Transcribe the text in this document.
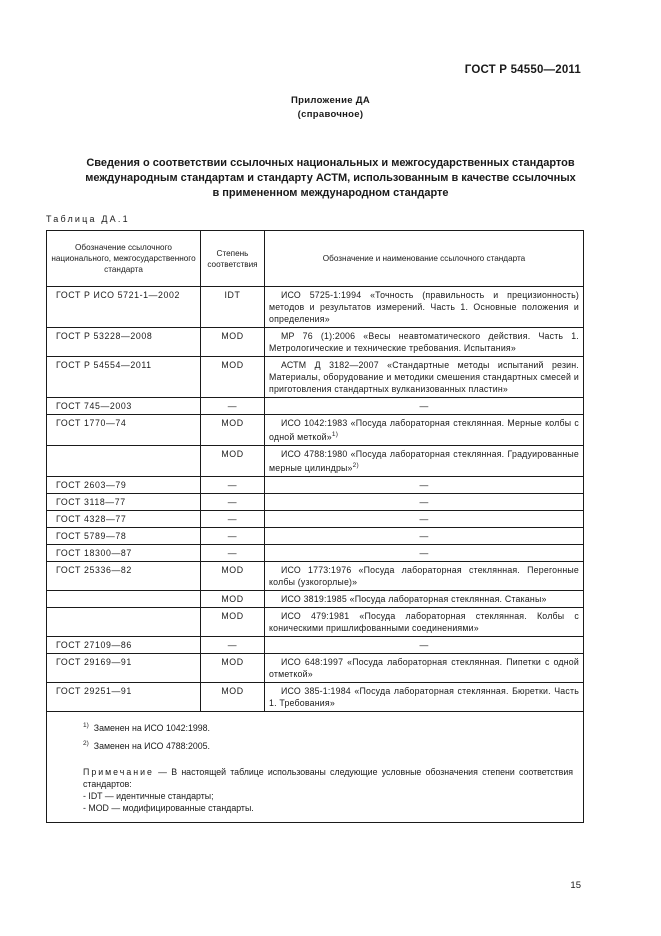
ГОСТ Р 54550—2011
Приложение ДА
(справочное)
Сведения о соответствии ссылочных национальных и межгосударственных стандартов
международным стандартам и стандарту АСТМ, использованным в качестве ссылочных
в примененном международном стандарте
Таблица ДА.1
Обозначение ссылочного национального, межгосударственного стандарта	Степень соответствия	Обозначение и наименование ссылочного стандарта
ГОСТ Р ИСО 5721-1—2002	IDT	ИСО 5725-1:1994 «Точность (правильность и прецизионность) методов и результатов измерений. Часть 1. Основные положения и определения»
ГОСТ Р 53228—2008	MOD	МР 76 (1):2006 «Весы неавтоматического действия. Часть 1. Метрологические и технические требования. Испытания»
ГОСТ Р 54554—2011	MOD	АСТМ Д 3182—2007 «Стандартные методы испытаний резин. Материалы, оборудование и методики смешения стандартных смесей и приготовления стандартных вулканизованных пластин»
ГОСТ 745—2003	—	—
ГОСТ 1770—74	MOD	ИСО 1042:1983 «Посуда лабораторная стеклянная. Мерные колбы с одной меткой»$^{1)}$
	MOD	ИСО 4788:1980 «Посуда лабораторная стеклянная. Градуированные мерные цилиндры»$^{2)}$
ГОСТ 2603—79	—	—
ГОСТ 3118—77	—	—
ГОСТ 4328—77	—	—
ГОСТ 5789—78	—	—
ГОСТ 18300—87	—	—
ГОСТ 25336—82	MOD	ИСО 1773:1976 «Посуда лабораторная стеклянная. Перегонные колбы (узкогорлые)»
	MOD	ИСО 3819:1985 «Посуда лабораторная стеклянная. Стаканы»
	MOD	ИСО 479:1981 «Посуда лабораторная стеклянная. Колбы с коническими пришлифованными соединениями»
ГОСТ 27109—86	—	—
ГОСТ 29169—91	MOD	ИСО 648:1997 «Посуда лабораторная стеклянная. Пипетки с одной отметкой»
ГОСТ 29251—91	MOD	ИСО 385-1:1984 «Посуда лабораторная стеклянная. Бюретки. Часть 1. Требования»

$^{1)}$ Заменен на ИСО 1042:1998.
$^{2)}$ Заменен на ИСО 4788:2005.
Примечание — В настоящей таблице использованы следующие условные обозначения степени соответствия стандартов:
- IDT — идентичные стандарты;
- MOD — модифицированные стандарты.		
15
